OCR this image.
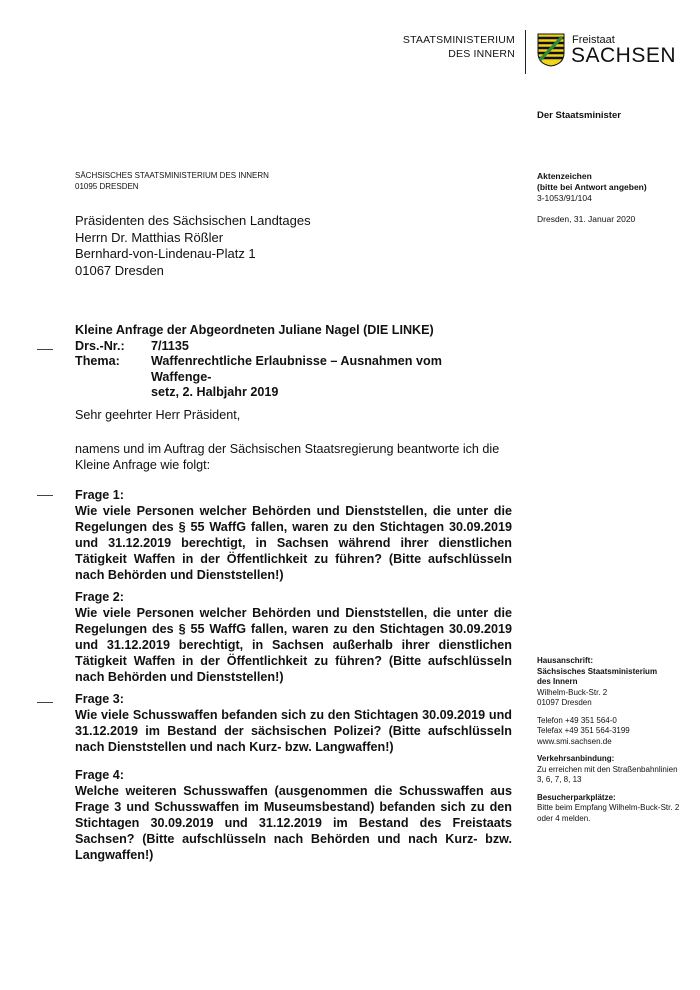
STAATSMINISTERIUM
DES INNERN
Freistaat
SACHSEN
Der Staatsminister
SÄCHSISCHES STAATSMINISTERIUM DES INNERN
01095 DRESDEN
Aktenzeichen
(bitte bei Antwort angeben)
3-1053/91/104
Dresden, 31. Januar 2020
Präsidenten des Sächsischen Landtages
Herrn Dr. Matthias Rößler
Bernhard-von-Lindenau-Platz 1
01067 Dresden
Kleine Anfrage der Abgeordneten Juliane Nagel (DIE LINKE)
Drs.-Nr.:	7/1135
Thema:	Waffenrechtliche Erlaubnisse – Ausnahmen vom Waffenge-
setz, 2. Halbjahr 2019
Sehr geehrter Herr Präsident,
namens und im Auftrag der Sächsischen Staatsregierung beantworte ich die Kleine Anfrage wie folgt:
Frage 1:
Wie viele Personen welcher Behörden und Dienststellen, die unter die Regelungen des § 55 WaffG fallen, waren zu den Stichtagen 30.09.2019 und 31.12.2019 berechtigt, in Sachsen während ihrer dienstlichen Tätigkeit Waffen in der Öffentlichkeit zu führen? (Bitte aufschlüsseln nach Behörden und Dienststellen!)
Frage 2:
Wie viele Personen welcher Behörden und Dienststellen, die unter die Regelungen des § 55 WaffG fallen, waren zu den Stichtagen 30.09.2019 und 31.12.2019 berechtigt, in Sachsen außerhalb ihrer dienstlichen Tätigkeit Waffen in der Öffentlichkeit zu führen? (Bitte aufschlüsseln nach Behörden und Dienststellen!)
Frage 3:
Wie viele Schusswaffen befanden sich zu den Stichtagen 30.09.2019 und 31.12.2019 im Bestand der sächsischen Polizei? (Bitte aufschlüsseln nach Dienststellen und nach Kurz- bzw. Langwaffen!)
Frage 4:
Welche weiteren Schusswaffen (ausgenommen die Schusswaffen aus Frage 3 und Schusswaffen im Museumsbestand) befanden sich zu den Stichtagen 30.09.2019 und 31.12.2019 im Bestand des Freistaats Sachsen? (Bitte aufschlüsseln nach Behörden und nach Kurz- bzw. Langwaffen!)
Hausanschrift:
Sächsisches Staatsministerium
des Innern
Wilhelm-Buck-Str. 2
01097 Dresden
Telefon +49 351 564-0
Telefax +49 351 564-3199
www.smi.sachsen.de
Verkehrsanbindung:
Zu erreichen mit den Straßenbahnlinien 3, 6, 7, 8, 13
Besucherparkplätze:
Bitte beim Empfang Wilhelm-Buck-Str. 2 oder 4 melden.
